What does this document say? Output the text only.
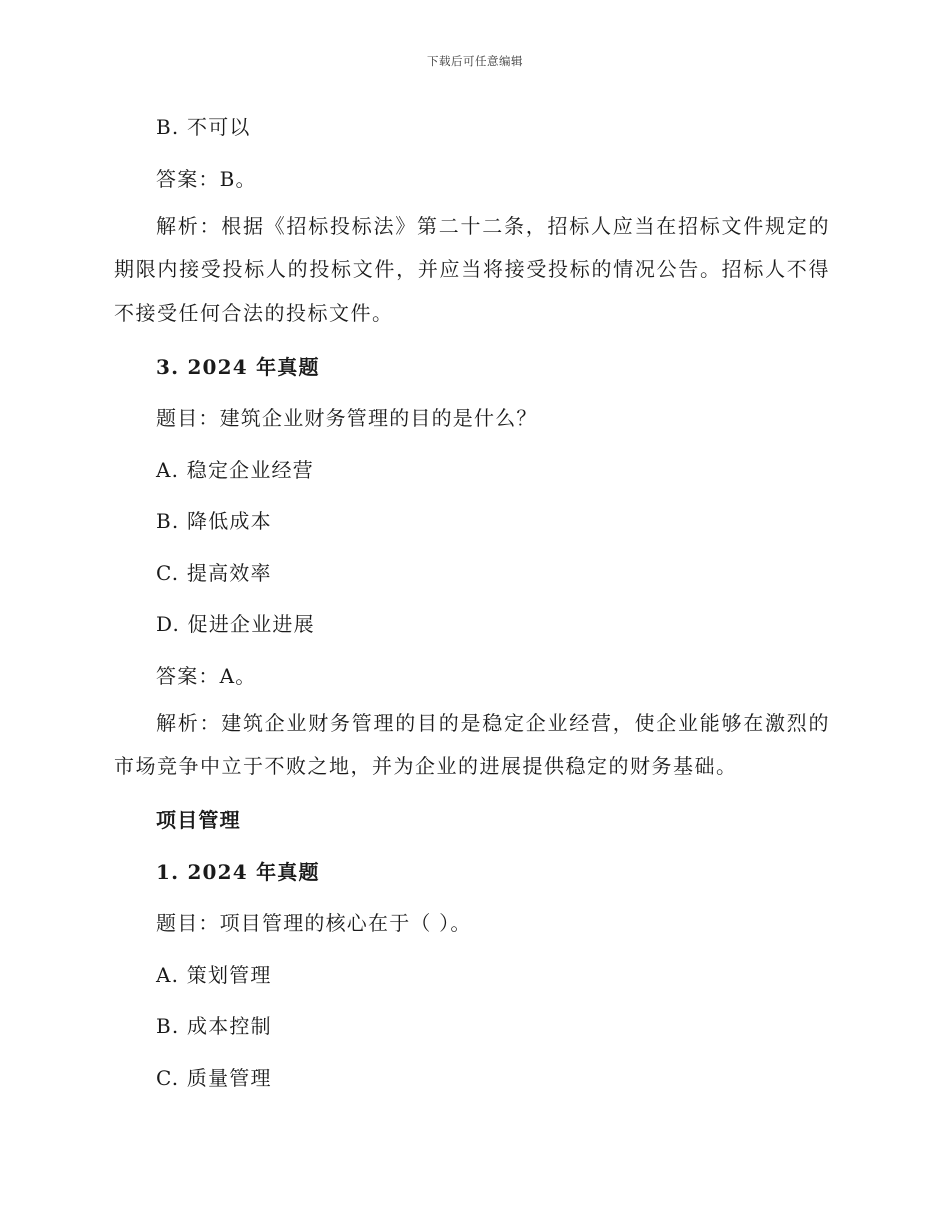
下载后可任意编辑
B. 不可以
答案：B。
解析：根据《招标投标法》第二十二条，招标人应当在招标文件规定的期限内接受投标人的投标文件，并应当将接受投标的情况公告。招标人不得不接受任何合法的投标文件。
3. 2024 年真题
题目：建筑企业财务管理的目的是什么？
A. 稳定企业经营
B. 降低成本
C. 提高效率
D. 促进企业进展
答案：A。
解析：建筑企业财务管理的目的是稳定企业经营，使企业能够在激烈的市场竞争中立于不败之地，并为企业的进展提供稳定的财务基础。
项目管理
1. 2024 年真题
题目：项目管理的核心在于（ ）。
A. 策划管理
B. 成本控制
C. 质量管理
